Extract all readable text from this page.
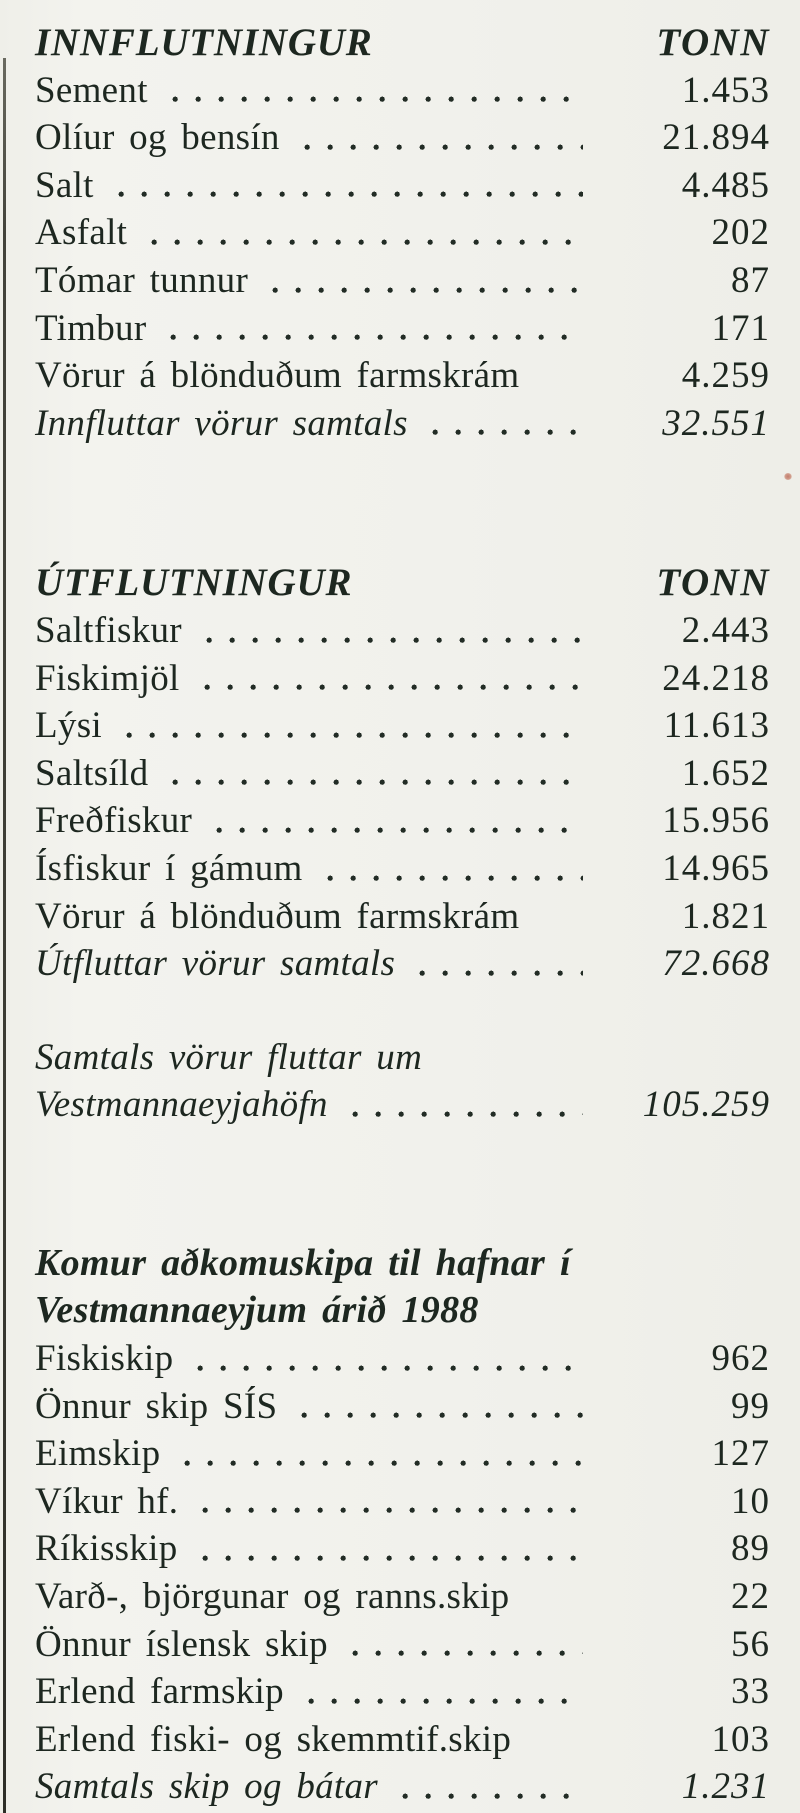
INNFLUTNINGUR	TONN
Sement	1.453
Olíur og bensín	21.894
Salt	4.485
Asfalt	202
Tómar tunnur	87
Timbur	171
Vörur á blönduðum farmskrám	4.259
Innfluttar vörur samtals	32.551
ÚTFLUTNINGUR	TONN
Saltfiskur	2.443
Fiskimjöl	24.218
Lýsi	11.613
Saltsíld	1.652
Freðfiskur	15.956
Ísfiskur í gámum	14.965
Vörur á blönduðum farmskrám	1.821
Útfluttar vörur samtals	72.668
Samtals vörur fluttar um
Vestmannaeyjahöfn	105.259
Komur aðkomuskipa til hafnar í
Vestmannaeyjum árið 1988
Fiskiskip	962
Önnur skip SÍS	99
Eimskip	127
Víkur hf.	10
Ríkisskip	89
Varð-, björgunar og ranns.skip	22
Önnur íslensk skip	56
Erlend farmskip	33
Erlend fiski- og skemmtif.skip	103
Samtals skip og bátar	1.231
